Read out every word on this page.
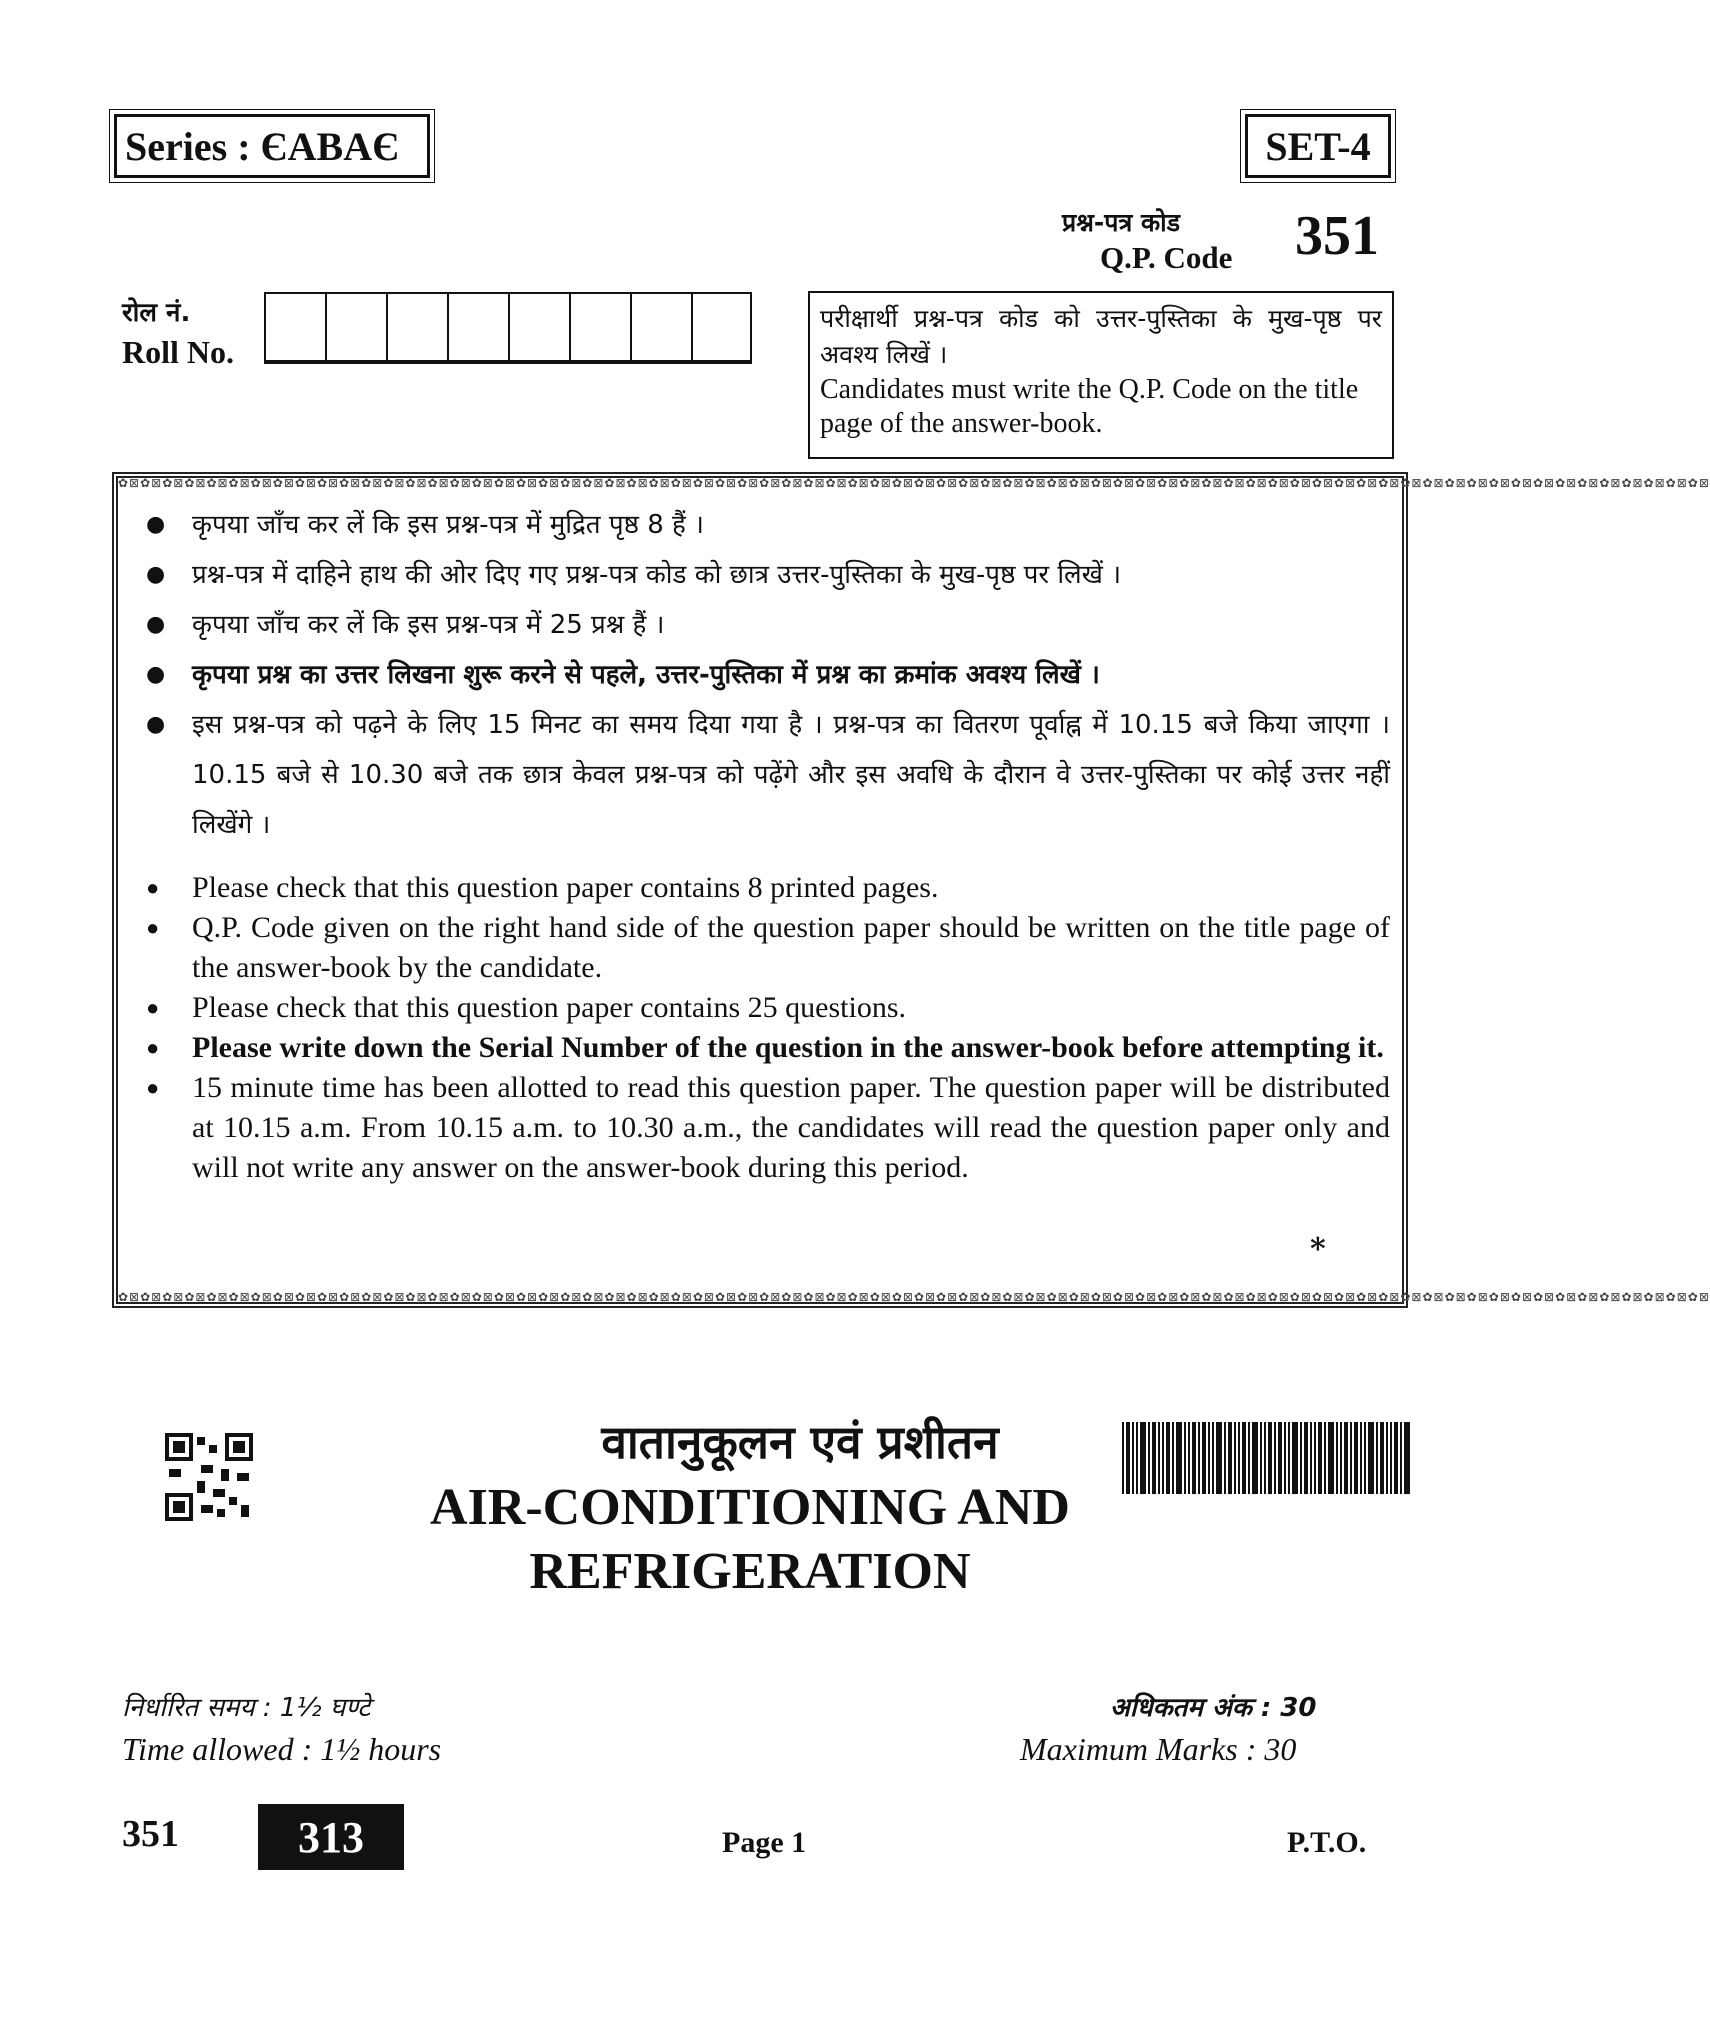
Series : ЄABAЄ	SET-4
प्रश्न-पत्र कोड
Q.P. Code 351
रोल नं.
Roll No.
परीक्षार्थी प्रश्न-पत्र कोड को उत्तर-पुस्तिका के मुख-पृष्ठ पर अवश्य लिखें ।
Candidates must write the Q.P. Code on the title page of the answer-book.
✿⊠✿⊠✿⊠✿⊠✿⊠✿⊠✿⊠✿⊠✿⊠✿⊠✿⊠✿⊠✿⊠✿⊠✿⊠✿⊠✿⊠✿⊠✿⊠✿⊠✿⊠✿⊠✿⊠✿⊠✿⊠✿⊠✿⊠✿⊠✿⊠✿⊠✿⊠✿⊠✿⊠✿⊠✿⊠✿⊠✿⊠✿⊠✿⊠✿⊠✿⊠✿⊠✿⊠✿⊠✿⊠✿⊠✿⊠✿⊠✿⊠✿⊠✿⊠✿⊠✿⊠✿⊠✿⊠✿⊠✿⊠✿⊠✿⊠✿⊠✿⊠✿⊠✿⊠✿⊠✿⊠✿⊠✿⊠✿⊠✿⊠✿⊠✿⊠✿⊠
✿⊠✿⊠✿⊠✿⊠✿⊠✿⊠✿⊠✿⊠✿⊠✿⊠✿⊠✿⊠✿⊠✿⊠✿⊠✿⊠✿⊠✿⊠✿⊠✿⊠✿⊠✿⊠✿⊠✿⊠✿⊠✿⊠✿⊠✿⊠✿⊠✿⊠✿⊠✿⊠✿⊠✿⊠✿⊠✿⊠✿⊠✿⊠✿⊠✿⊠✿⊠✿⊠✿⊠✿⊠✿⊠✿⊠✿⊠✿⊠✿⊠✿⊠✿⊠✿⊠✿⊠✿⊠✿⊠✿⊠✿⊠✿⊠✿⊠✿⊠✿⊠✿⊠✿⊠✿⊠✿⊠✿⊠✿⊠✿⊠✿⊠✿⊠✿⊠✿⊠
● कृपया जाँच कर लें कि इस प्रश्न-पत्र में मुद्रित पृष्ठ 8 हैं ।
● प्रश्न-पत्र में दाहिने हाथ की ओर दिए गए प्रश्न-पत्र कोड को छात्र उत्तर-पुस्तिका के मुख-पृष्ठ पर लिखें ।
● कृपया जाँच कर लें कि इस प्रश्न-पत्र में 25 प्रश्न हैं ।
● कृपया प्रश्न का उत्तर लिखना शुरू करने से पहले, उत्तर-पुस्तिका में प्रश्न का क्रमांक अवश्य लिखें ।
● इस प्रश्न-पत्र को पढ़ने के लिए 15 मिनट का समय दिया गया है । प्रश्न-पत्र का वितरण पूर्वाह्न में 10.15 बजे किया जाएगा । 10.15 बजे से 10.30 बजे तक छात्र केवल प्रश्न-पत्र को पढ़ेंगे और इस अवधि के दौरान वे उत्तर-पुस्तिका पर कोई उत्तर नहीं लिखेंगे ।
● Please check that this question paper contains 8 printed pages.
● Q.P. Code given on the right hand side of the question paper should be written on the title page of the answer-book by the candidate.
● Please check that this question paper contains 25 questions.
● Please write down the Serial Number of the question in the answer-book before attempting it.
● 15 minute time has been allotted to read this question paper. The question paper will be distributed at 10.15 a.m. From 10.15 a.m. to 10.30 a.m., the candidates will read the question paper only and will not write any answer on the answer-book during this period.
*
वातानुकूलन एवं प्रशीतन
AIR-CONDITIONING AND
REFRIGERATION
निर्धारित समय : 1½ घण्टे
Time allowed : 1½ hours
अधिकतम अंक : 30
Maximum Marks : 30
351	313	Page 1	P.T.O.
